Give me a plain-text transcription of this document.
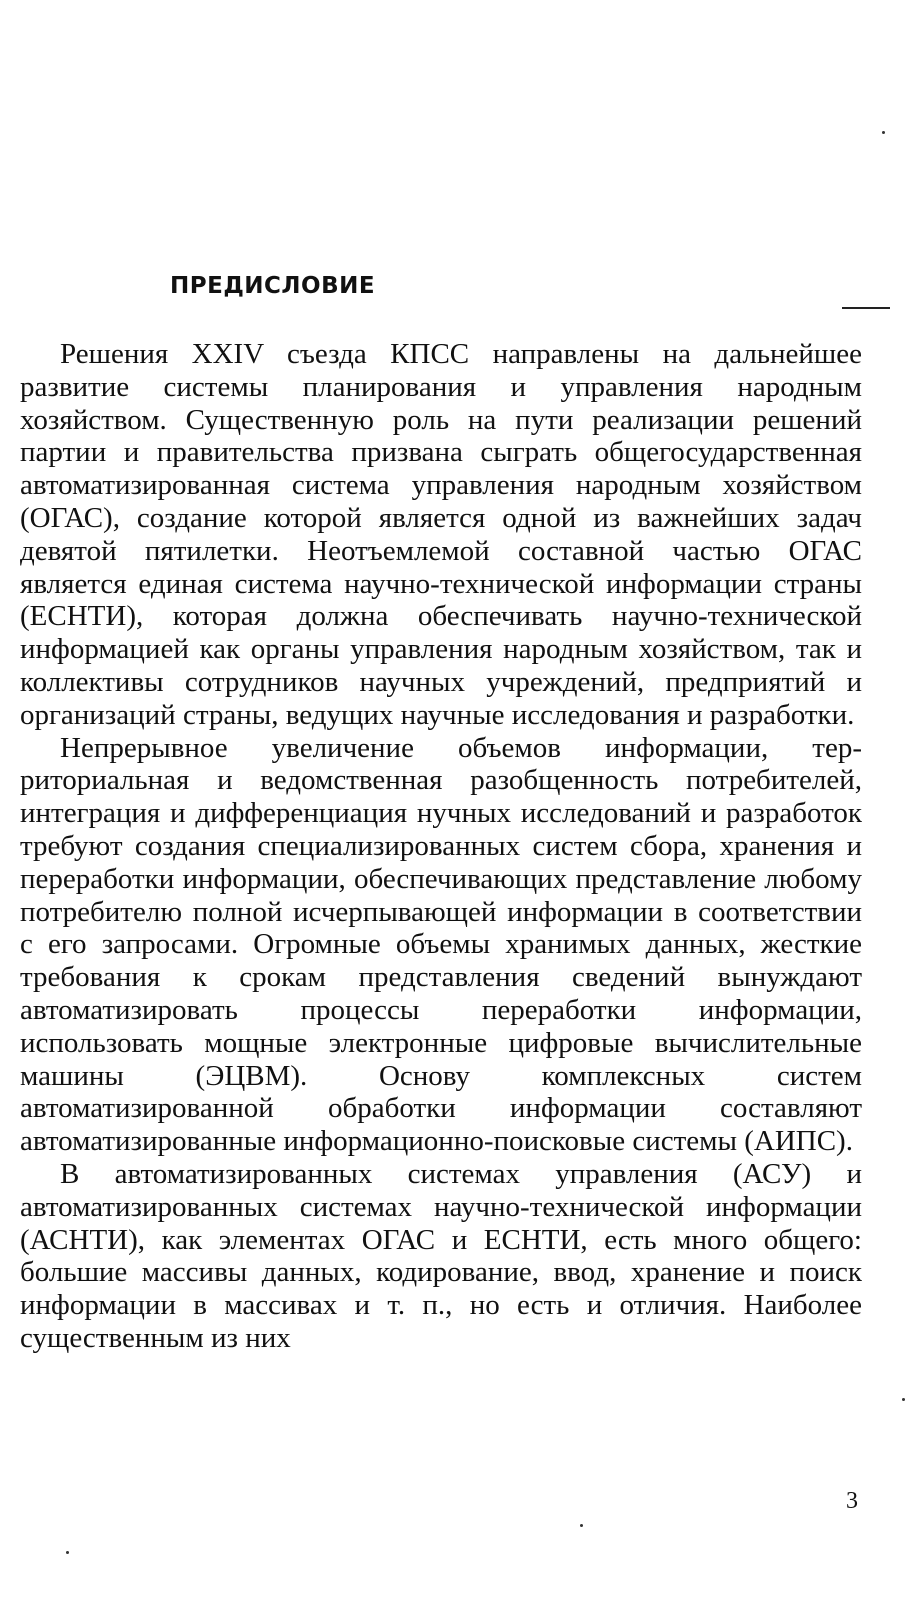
ПРЕДИСЛОВИЕ

Решения XXIV съезда КПСС направлены на дальнейшее развитие системы планирования и управления народным хозяйством. Существенную роль на пути реализации решений партии и правительства призвана сыграть общегосударственная автоматизированная система управления народным хозяйством (ОГАС), создание которой является одной из важнейших задач девятой пятилетки. Неотъемлемой составной частью ОГАС является единая система научно-технической информации страны (ЕСНТИ), которая должна обеспечивать научно-технической информацией как органы управления народным хозяйством, так и коллективы сотрудников научных учреждений, предприятий и организаций страны, ведущих научные исследования и разработки.

Непрерывное увеличение объемов информации, территориальная и ведомственная разобщенность потребителей, интеграция и дифференциация нучных исследований и разработок требуют создания специализированных систем сбора, хранения и переработки информации, обеспечивающих представление любому потребителю полной исчерпывающей информации в соответствии с его запросами. Огромные объемы хранимых данных, жесткие требования к срокам представления сведений вынуждают автоматизировать процессы переработки информации, использовать мощные электронные цифровые вычислительные машины (ЭЦВМ). Основу комплексных систем автоматизированной обработки информации составляют автоматизированные информационно-поисковые системы (АИПС).

В автоматизированных системах управления (АСУ) и автоматизированных системах научно-технической информации (АСНТИ), как элементах ОГАС и ЕСНТИ, есть много общего: большие массивы данных, кодирование, ввод, хранение и поиск информации в массивах и т. п., но есть и отличия. Наиболее существенным из них

3
